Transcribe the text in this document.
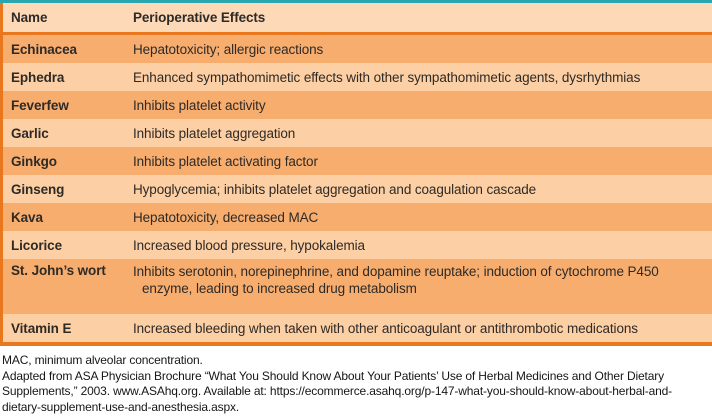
Name	Perioperative Effects
Echinacea	Hepatotoxicity; allergic reactions
Ephedra	Enhanced sympathomimetic effects with other sympathomimetic agents, dysrhythmias
Feverfew	Inhibits platelet activity
Garlic	Inhibits platelet aggregation
Ginkgo	Inhibits platelet activating factor
Ginseng	Hypoglycemia; inhibits platelet aggregation and coagulation cascade
Kava	Hepatotoxicity, decreased MAC
Licorice	Increased blood pressure, hypokalemia
St. John’s wort	Inhibits serotonin, norepinephrine, and dopamine reuptake; induction of cytochrome P450
enzyme, leading to increased drug metabolism
Vitamin E	Increased bleeding when taken with other anticoagulant or antithrombotic medications
MAC, minimum alveolar concentration.
Adapted from ASA Physician Brochure “What You Should Know About Your Patients’ Use of Herbal Medicines and Other Dietary
Supplements,” 2003. www.ASAhq.org. Available at: https://ecommerce.asahq.org/p-147-what-you-should-know-about-herbal-and-
dietary-supplement-use-and-anesthesia.aspx.
